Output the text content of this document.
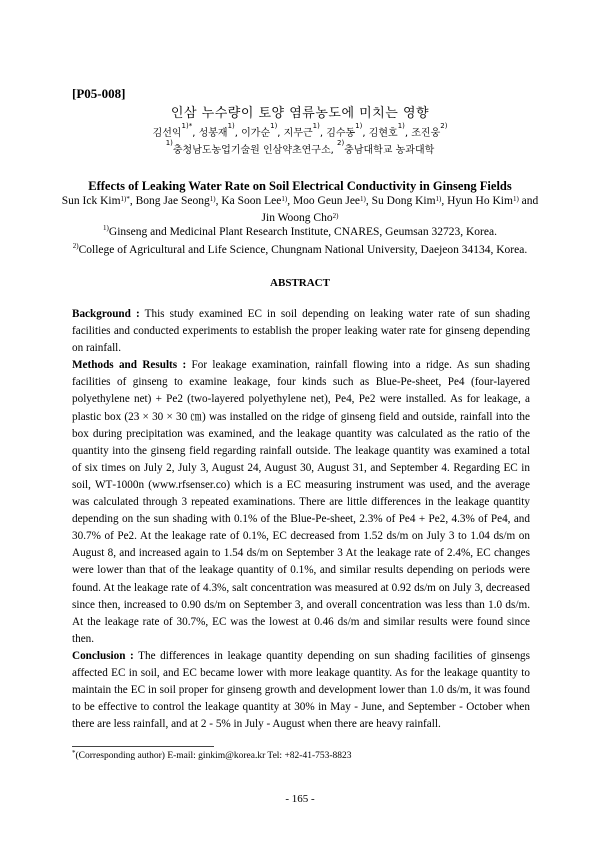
[P05-008]
인삼 누수량이 토양 염류농도에 미치는 영향
김선익$^{1)*}$, 성봉재$^{1)}$, 이가순$^{1)}$, 지무근$^{1)}$, 김수동$^{1)}$, 김현호$^{1)}$, 조진웅$^{2)}$
$^{1)}$충청남도농업기술원 인삼약초연구소, $^{2)}$충남대학교 농과대학
Effects of Leaking Water Rate on Soil Electrical Conductivity in Ginseng Fields
Sun Ick Kim$^{1)*}$, Bong Jae Seong$^{1)}$, Ka Soon Lee$^{1)}$, Moo Geun Jee$^{1)}$, Su Dong Kim$^{1)}$, Hyun Ho Kim$^{1)}$ and Jin Woong Cho$^{2)}$
$^{1)}$Ginseng and Medicinal Plant Research Institute, CNARES, Geumsan 32723, Korea.
$^{2)}$College of Agricultural and Life Science, Chungnam National University, Daejeon 34134, Korea.
ABSTRACT

Background : This study examined EC in soil depending on leaking water rate of sun shading facilities and conducted experiments to establish the proper leaking water rate for ginseng depending on rainfall.

Methods and Results : For leakage examination, rainfall flowing into a ridge. As sun shading facilities of ginseng to examine leakage, four kinds such as Blue-Pe-sheet, Pe4 (four‐layered polyethylene net) + Pe2 (two‐layered polyethylene net), Pe4, Pe2 were installed. As for leakage, a plastic box (23 × 30 × 30 ㎝) was installed on the ridge of ginseng field and outside, rainfall into the box during precipitation was examined, and the leakage quantity was calculated as the ratio of the quantity into the ginseng field regarding rainfall outside. The leakage quantity was examined a total of six times on July 2, July 3, August 24, August 30, August 31, and September 4. Regarding EC in soil, WT‐1000n (www.rfsenser.co) which is a EC measuring instrument was used, and the average was calculated through 3 repeated examinations. There are little differences in the leakage quantity depending on the sun shading with 0.1% of the Blue-Pe-sheet, 2.3% of Pe4 + Pe2, 4.3% of Pe4, and 30.7% of Pe2. At the leakage rate of 0.1%, EC decreased from 1.52 ds/m on July 3 to 1.04 ds/m on August 8, and increased again to 1.54 ds/m on September 3 At the leakage rate of 2.4%, EC changes were lower than that of the leakage quantity of 0.1%, and similar results depending on periods were found. At the leakage rate of 4.3%, salt concentration was measured at 0.92 ds/m on July 3, decreased since then, increased to 0.90 ds/m on September 3, and overall concentration was less than 1.0 ds/m. At the leakage rate of 30.7%, EC was the lowest at 0.46 ds/m and similar results were found since then.

Conclusion : The differences in leakage quantity depending on sun shading facilities of ginsengs affected EC in soil, and EC became lower with more leakage quantity. As for the leakage quantity to maintain the EC in soil proper for ginseng growth and development lower than 1.0 ds/m, it was found to be effective to control the leakage quantity at 30% in May - June, and September - October when there are less rainfall, and at 2 - 5% in July - August when there are heavy rainfall.

*(Corresponding author) E-mail: ginkim@korea.kr Tel: +82-41-753-8823
- 165 -
